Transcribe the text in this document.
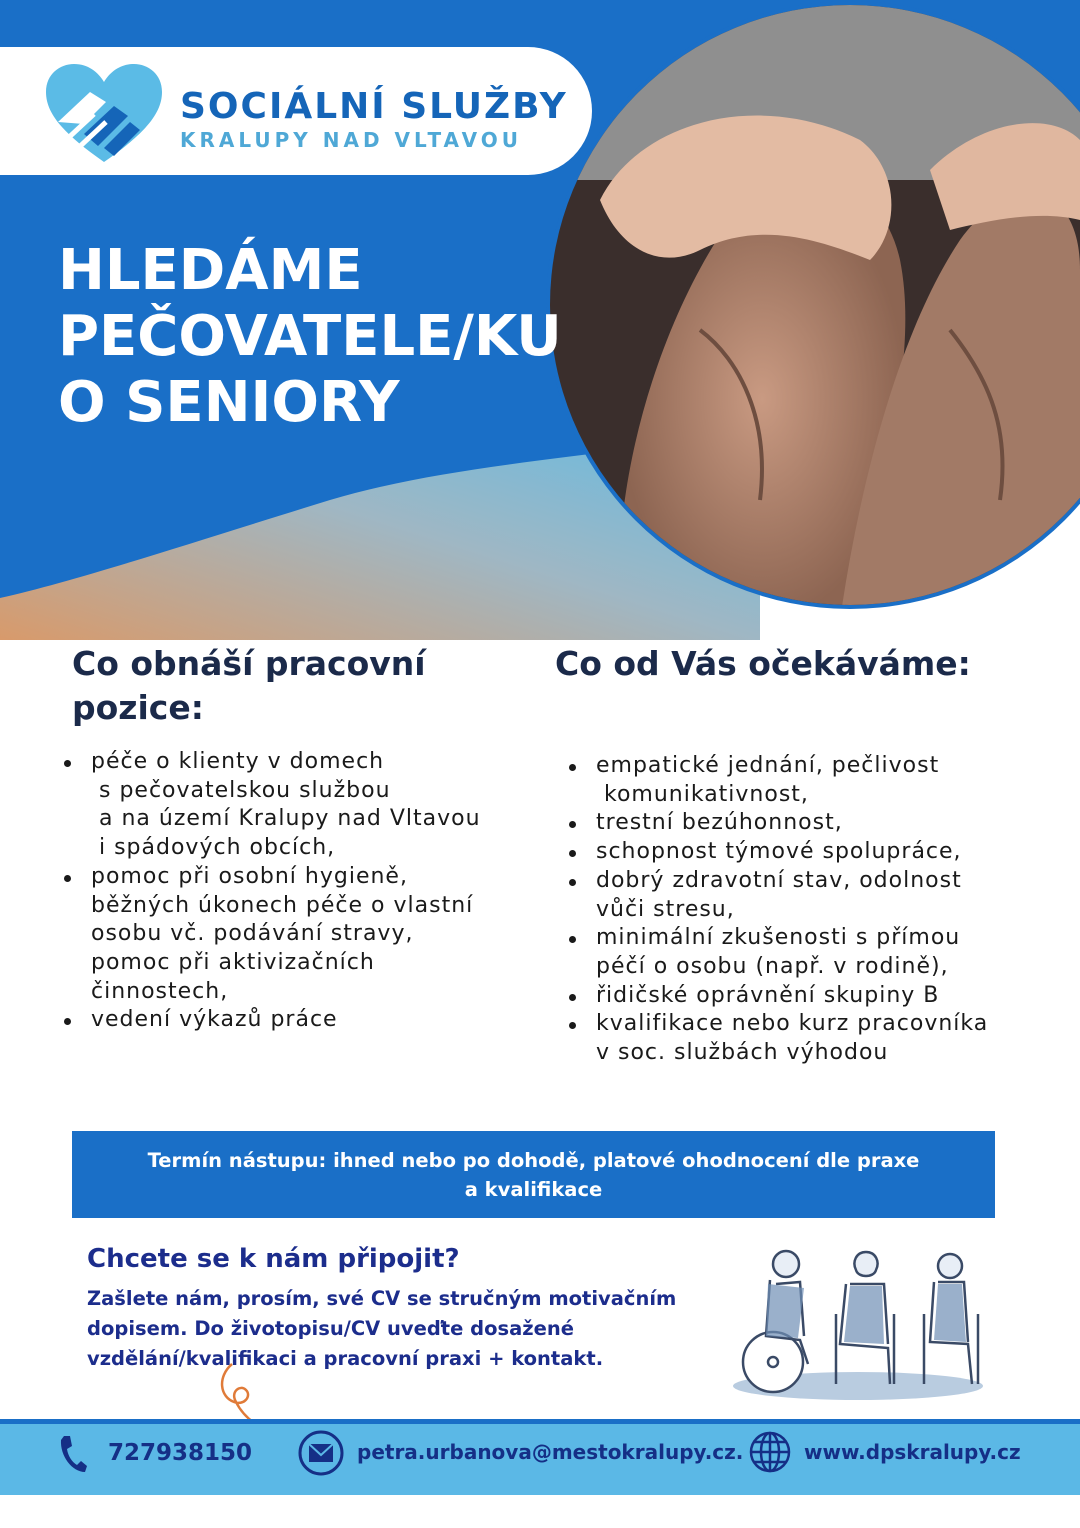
SOCIÁLNÍ SLUŽBY
KRALUPY NAD VLTAVOU
HLEDÁME
PEČOVATELE/KU
O SENIORY
Co obnáší pracovní pozice:
Co od Vás očekáváme:
péče o klienty v domech
s pečovatelskou službou
a na území Kralupy nad Vltavou
i spádových obcích,
pomoc při osobní hygieně,
běžných úkonech péče o vlastní
osobu vč. podávání stravy,
pomoc při aktivizačních
činnostech,
vedení výkazů práce
empatické jednání, pečlivost
komunikativnost,
trestní bezúhonnost,
schopnost týmové spolupráce,
dobrý zdravotní stav, odolnost
vůči stresu,
minimální zkušenosti s přímou
péčí o osobu (např. v rodině),
řidičské oprávnění skupiny B
kvalifikace nebo kurz pracovníka
v soc. službách výhodou
Termín nástupu: ihned nebo po dohodě, platové ohodnocení dle praxe
a kvalifikace
Chcete se k nám připojit?

Zašlete nám, prosím, své CV se stručným motivačním
dopisem. Do životopisu/CV uveďte dosažené
vzdělání/kvalifikaci a pracovní praxi + kontakt.

727938150	petra.urbanova@mestokralupy.cz.	www.dpskralupy.cz
